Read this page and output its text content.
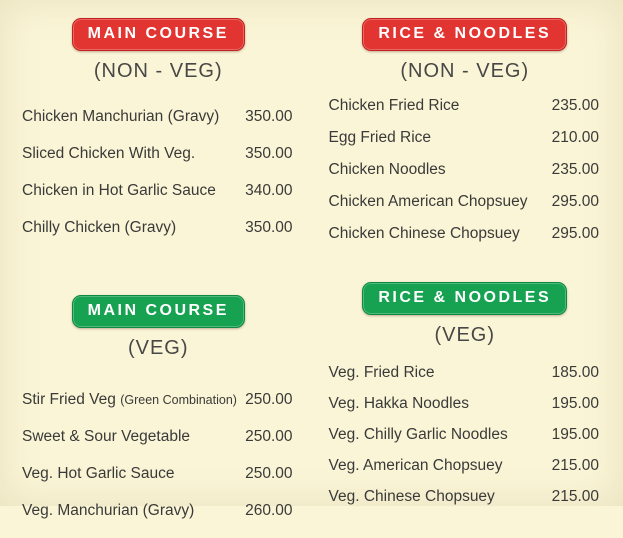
MAIN COURSE
(NON - VEG)
Chicken Manchurian (Gravy) 350.00
Sliced Chicken With Veg.	350.00
Chicken in Hot Garlic Sauce 340.00
Chilly Chicken (Gravy)	350.00
MAIN COURSE
(VEG)
Stir Fried Veg (Green Combination) 250.00
Sweet & Sour Vegetable	250.00
Veg. Hot Garlic Sauce	250.00
Veg. Manchurian (Gravy)	260.00
RICE & NOODLES
(NON - VEG)
Chicken Fried Rice	235.00
Egg Fried Rice	210.00
Chicken Noodles	235.00
Chicken American Chopsuey 295.00
Chicken Chinese Chopsuey 295.00
RICE & NOODLES
(VEG)
Veg. Fried Rice	185.00
Veg. Hakka Noodles	195.00
Veg. Chilly Garlic Noodles	195.00
Veg. American Chopsuey	215.00
Veg. Chinese Chopsuey	215.00
